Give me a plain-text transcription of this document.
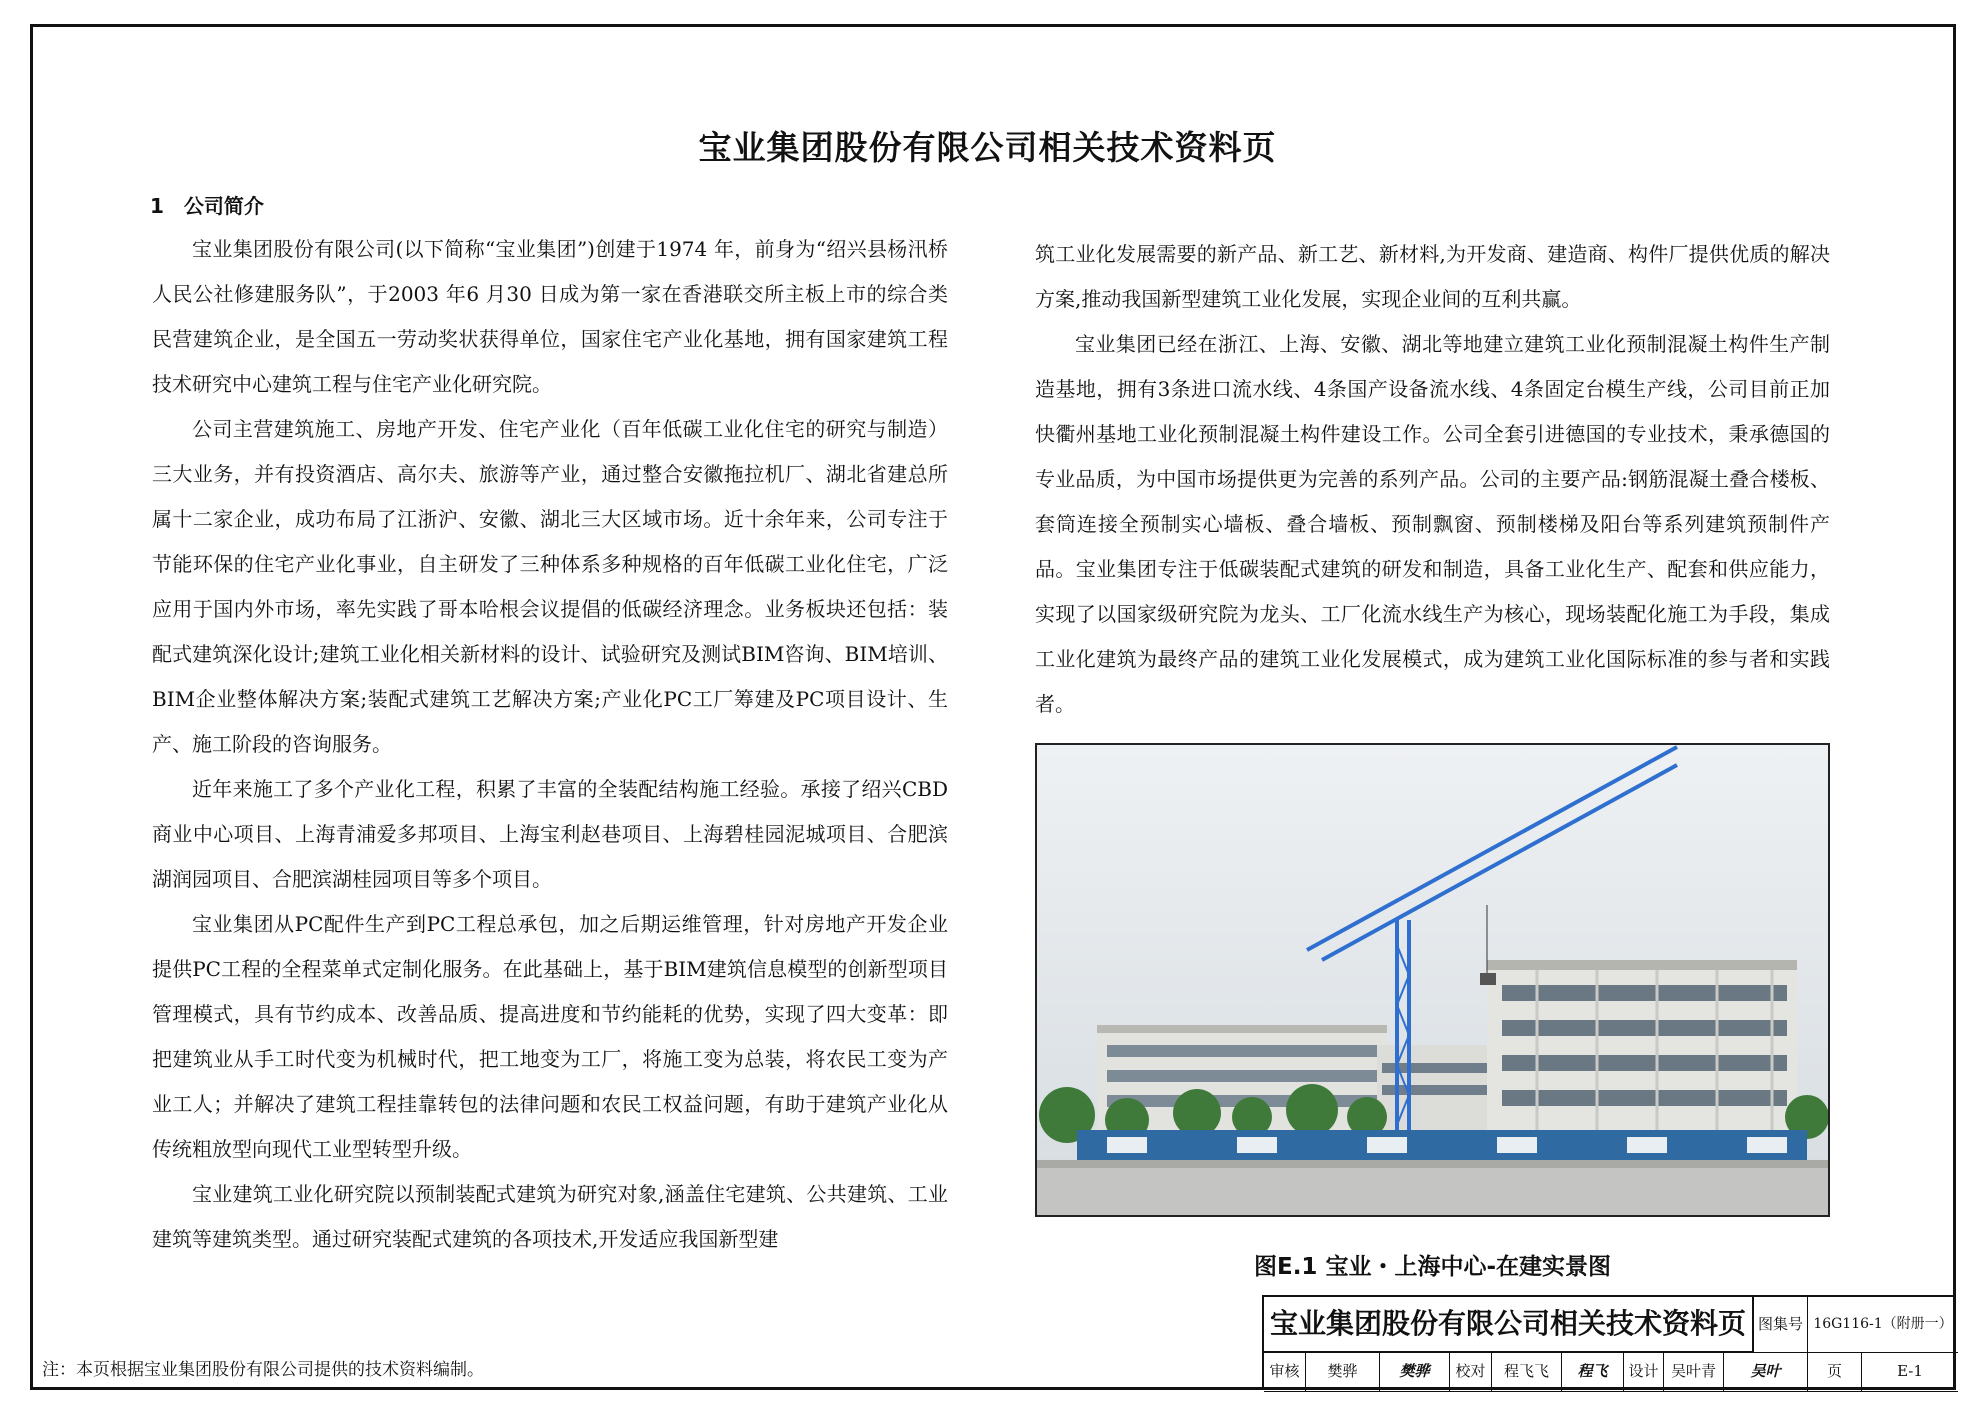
宝业集团股份有限公司相关技术资料页
1　公司简介

宝业集团股份有限公司(以下简称“宝业集团”)创建于1974 年，前身为“绍兴县杨汛桥人民公社修建服务队”，于2003 年6 月30 日成为第一家在香港联交所主板上市的综合类民营建筑企业，是全国五一劳动奖状获得单位，国家住宅产业化基地，拥有国家建筑工程技术研究中心建筑工程与住宅产业化研究院。

公司主营建筑施工、房地产开发、住宅产业化（百年低碳工业化住宅的研究与制造）三大业务，并有投资酒店、高尔夫、旅游等产业，通过整合安徽拖拉机厂、湖北省建总所属十二家企业，成功布局了江浙沪、安徽、湖北三大区域市场。近十余年来，公司专注于节能环保的住宅产业化事业，自主研发了三种体系多种规格的百年低碳工业化住宅，广泛应用于国内外市场，率先实践了哥本哈根会议提倡的低碳经济理念。业务板块还包括：装配式建筑深化设计;建筑工业化相关新材料的设计、试验研究及测试BIM咨询、BIM培训、BIM企业整体解决方案;装配式建筑工艺解决方案;产业化PC工厂筹建及PC项目设计、生产、施工阶段的咨询服务。

近年来施工了多个产业化工程，积累了丰富的全装配结构施工经验。承接了绍兴CBD商业中心项目、上海青浦爱多邦项目、上海宝利赵巷项目、上海碧桂园泥城项目、合肥滨湖润园项目、合肥滨湖桂园项目等多个项目。

宝业集团从PC配件生产到PC工程总承包，加之后期运维管理，针对房地产开发企业提供PC工程的全程菜单式定制化服务。在此基础上，基于BIM建筑信息模型的创新型项目管理模式，具有节约成本、改善品质、提高进度和节约能耗的优势，实现了四大变革：即把建筑业从手工时代变为机械时代，把工地变为工厂，将施工变为总装，将农民工变为产业工人；并解决了建筑工程挂靠转包的法律问题和农民工权益问题，有助于建筑产业化从传统粗放型向现代工业型转型升级。

宝业建筑工业化研究院以预制装配式建筑为研究对象,涵盖住宅建筑、公共建筑、工业建筑等建筑类型。通过研究装配式建筑的各项技术,开发适应我国新型建

筑工业化发展需要的新产品、新工艺、新材料,为开发商、建造商、构件厂提供优质的解决方案,推动我国新型建筑工业化发展，实现企业间的互利共赢。

宝业集团已经在浙江、上海、安徽、湖北等地建立建筑工业化预制混凝土构件生产制造基地，拥有3条进口流水线、4条国产设备流水线、4条固定台模生产线，公司目前正加快衢州基地工业化预制混凝土构件建设工作。公司全套引进德国的专业技术，秉承德国的专业品质，为中国市场提供更为完善的系列产品。公司的主要产品:钢筋混凝土叠合楼板、套筒连接全预制实心墙板、叠合墙板、预制飘窗、预制楼梯及阳台等系列建筑预制件产品。宝业集团专注于低碳装配式建筑的研发和制造，具备工业化生产、配套和供应能力，实现了以国家级研究院为龙头、工厂化流水线生产为核心，现场装配化施工为手段，集成工业化建筑为最终产品的建筑工业化发展模式，成为建筑工业化国际标准的参与者和实践者。

图E.1 宝业・上海中心-在建实景图
注：本页根据宝业集团股份有限公司提供的技术资料编制。
宝业集团股份有限公司相关技术资料页 图集号 16G116-1（附册一）
审核	樊骅	樊骅	校对	程飞飞	程飞	设计 吴叶青	吴叶	页	E-1
